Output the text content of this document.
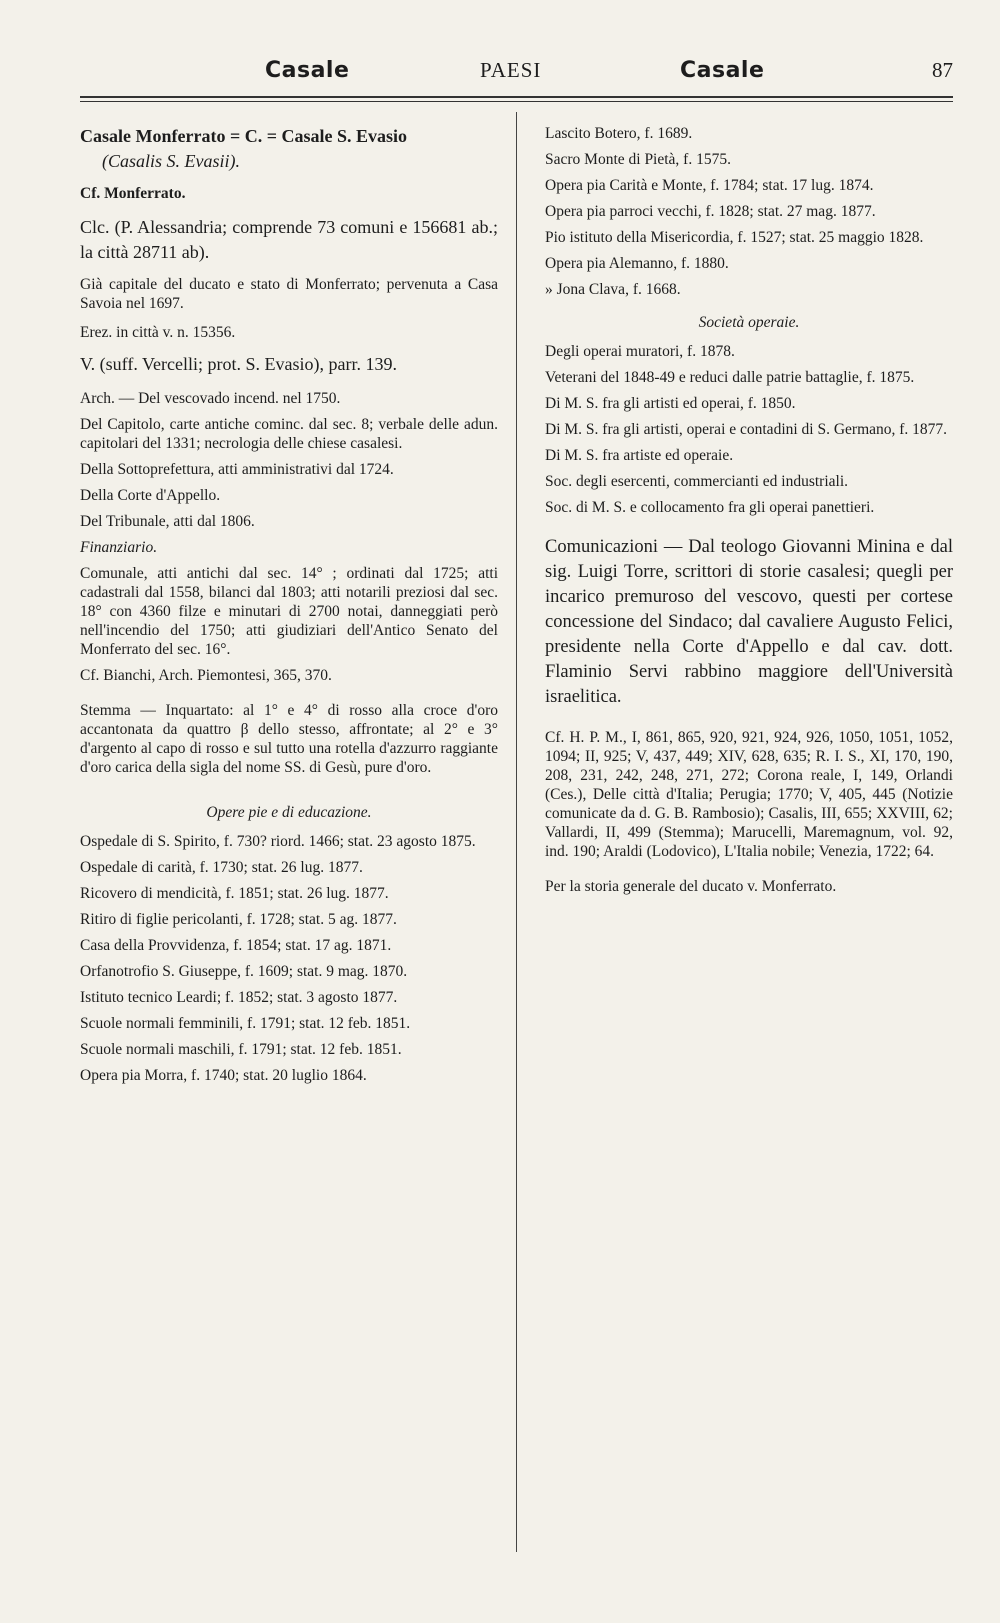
Casale	PAESI	Casale	87

Casale Monferrato = C. = Casale S. Evasio

(Casalis S. Evasii).

Cf. Monferrato.

Clc. (P. Alessandria; comprende 73 comuni e 156681 ab.; la città 28711 ab).

Già capitale del ducato e stato di Monferrato; pervenuta a Casa Savoia nel 1697.

Erez. in città v. n. 15356.

V. (suff. Vercelli; prot. S. Evasio), parr. 139.

Arch. — Del vescovado incend. nel 1750.

Del Capitolo, carte antiche cominc. dal sec. 8; verbale delle adun. capitolari del 1331; necrologia delle chiese casalesi.

Della Sottoprefettura, atti amministrativi dal 1724.

Della Corte d'Appello.

Del Tribunale, atti dal 1806.

Finanziario.

Comunale, atti antichi dal sec. 14° ; ordinati dal 1725; atti cadastrali dal 1558, bilanci dal 1803; atti notarili preziosi dal sec. 18° con 4360 filze e minutari di 2700 notai, danneggiati però nell'incendio del 1750; atti giudiziari dell'Antico Senato del Monferrato del sec. 16°.

Cf. Bianchi, Arch. Piemontesi, 365, 370.

Stemma — Inquartato: al 1° e 4° di rosso alla croce d'oro accantonata da quattro β dello stesso, affrontate; al 2° e 3° d'argento al capo di rosso e sul tutto una rotella d'azzurro raggiante d'oro carica della sigla del nome SS. di Gesù, pure d'oro.

Opere pie e di educazione.

Ospedale di S. Spirito, f. 730? riord. 1466; stat. 23 agosto 1875.

Ospedale di carità, f. 1730; stat. 26 lug. 1877.

Ricovero di mendicità, f. 1851; stat. 26 lug. 1877.

Ritiro di figlie pericolanti, f. 1728; stat. 5 ag. 1877.

Casa della Provvidenza, f. 1854; stat. 17 ag. 1871.

Orfanotrofio S. Giuseppe, f. 1609; stat. 9 mag. 1870.

Istituto tecnico Leardi; f. 1852; stat. 3 agosto 1877.

Scuole normali femminili, f. 1791; stat. 12 feb. 1851.

Scuole normali maschili, f. 1791; stat. 12 feb. 1851.

Opera pia Morra, f. 1740; stat. 20 luglio 1864.

Lascito Botero, f. 1689.

Sacro Monte di Pietà, f. 1575.

Opera pia Carità e Monte, f. 1784; stat. 17 lug. 1874.

Opera pia parroci vecchi, f. 1828; stat. 27 mag. 1877.

Pio istituto della Misericordia, f. 1527; stat. 25 maggio 1828.

Opera pia Alemanno, f. 1880.

» Jona Clava, f. 1668.

Società operaie.

Degli operai muratori, f. 1878.

Veterani del 1848-49 e reduci dalle patrie battaglie, f. 1875.

Di M. S. fra gli artisti ed operai, f. 1850.

Di M. S. fra gli artisti, operai e contadini di S. Germano, f. 1877.

Di M. S. fra artiste ed operaie.

Soc. degli esercenti, commercianti ed industriali.

Soc. di M. S. e collocamento fra gli operai panettieri.

Comunicazioni — Dal teologo Giovanni Minina e dal sig. Luigi Torre, scrittori di storie casalesi; quegli per incarico premuroso del vescovo, questi per cortese concessione del Sindaco; dal cavaliere Augusto Felici, presidente nella Corte d'Appello e dal cav. dott. Flaminio Servi rabbino maggiore dell'Università israelitica.

Cf. H. P. M., I, 861, 865, 920, 921, 924, 926, 1050, 1051, 1052, 1094; II, 925; V, 437, 449; XIV, 628, 635; R. I. S., XI, 170, 190, 208, 231, 242, 248, 271, 272; Corona reale, I, 149, Orlandi (Ces.), Delle città d'Italia; Perugia; 1770; V, 405, 445 (Notizie comunicate da d. G. B. Rambosio); Casalis, III, 655; XXVIII, 62; Vallardi, II, 499 (Stemma); Marucelli, Maremagnum, vol. 92, ind. 190; Araldi (Lodovico), L'Italia nobile; Venezia, 1722; 64.

Per la storia generale del ducato v. Monferrato.
